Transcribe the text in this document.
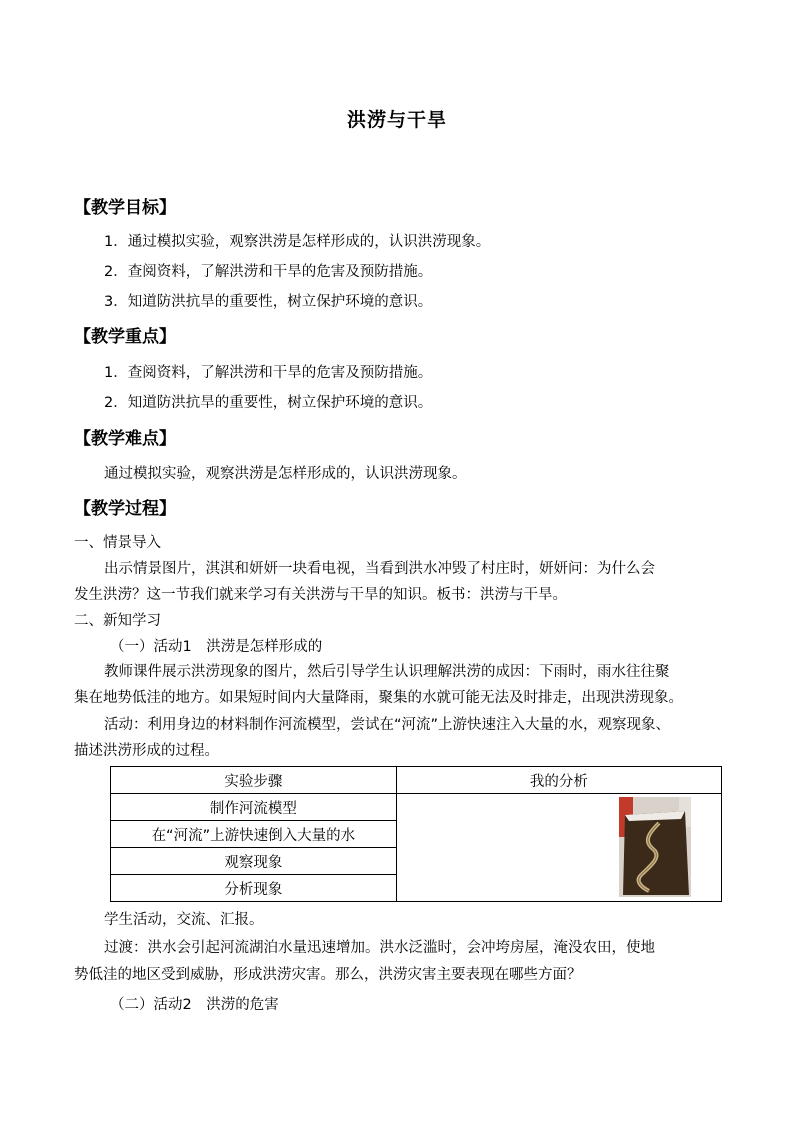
洪涝与干旱
【教学目标】
1．通过模拟实验，观察洪涝是怎样形成的，认识洪涝现象。
2．查阅资料，了解洪涝和干旱的危害及预防措施。
3．知道防洪抗旱的重要性，树立保护环境的意识。
【教学重点】
1．查阅资料，了解洪涝和干旱的危害及预防措施。
2．知道防洪抗旱的重要性，树立保护环境的意识。
【教学难点】
通过模拟实验，观察洪涝是怎样形成的，认识洪涝现象。
【教学过程】
一、情景导入
出示情景图片，淇淇和妍妍一块看电视，当看到洪水冲毁了村庄时，妍妍问：为什么会
发生洪涝？这一节我们就来学习有关洪涝与干旱的知识。板书：洪涝与干旱。
二、新知学习
（一）活动1　洪涝是怎样形成的
教师课件展示洪涝现象的图片，然后引导学生认识理解洪涝的成因：下雨时，雨水往往聚
集在地势低洼的地方。如果短时间内大量降雨，聚集的水就可能无法及时排走，出现洪涝现象。
活动：利用身边的材料制作河流模型，尝试在“河流”上游快速注入大量的水，观察现象、
描述洪涝形成的过程。
实验步骤	我的分析
制作河流模型	

在“河流”上游快速倒入大量的水	
观察现象	
分析现象	
学生活动，交流、汇报。
过渡：洪水会引起河流湖泊水量迅速增加。洪水泛滥时，会冲垮房屋，淹没农田，使地
势低洼的地区受到威胁，形成洪涝灾害。那么，洪涝灾害主要表现在哪些方面？
（二）活动2　洪涝的危害
